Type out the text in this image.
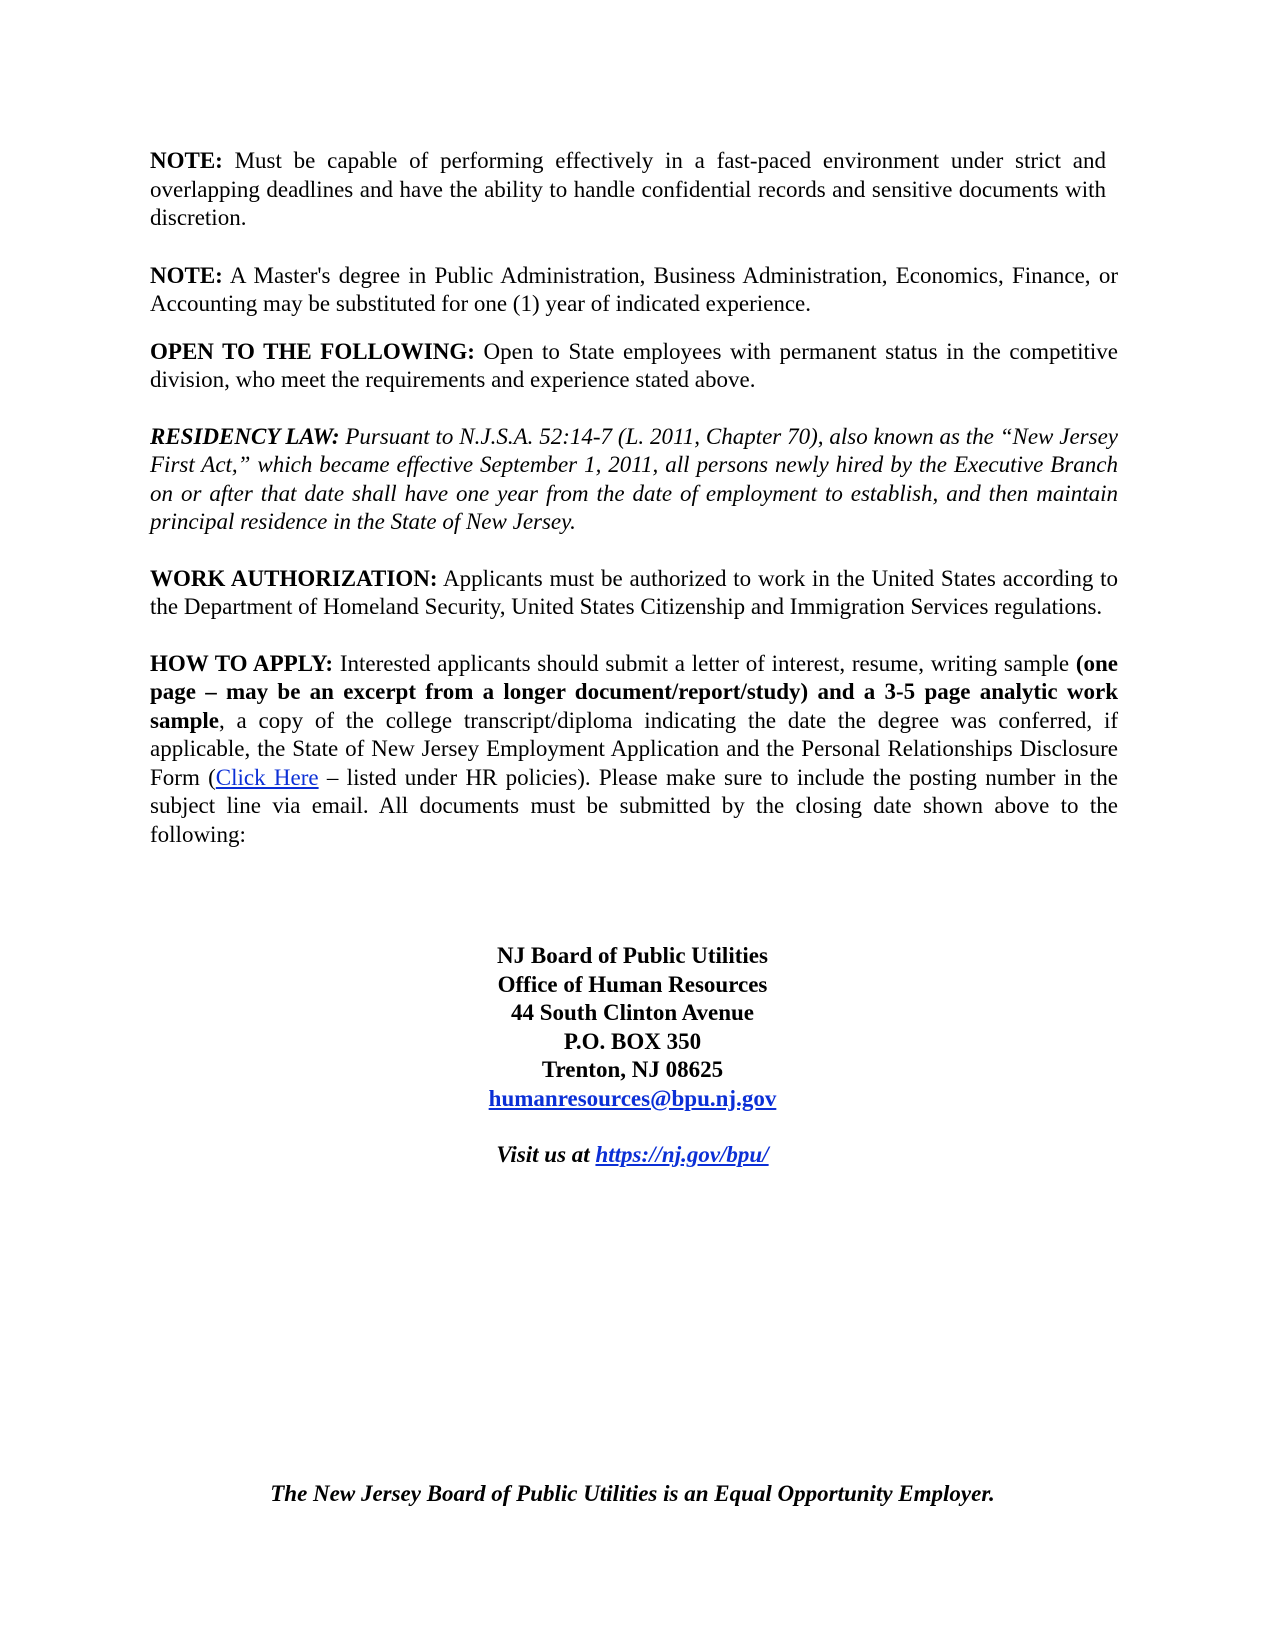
NOTE: Must be capable of performing effectively in a fast-paced environment under strict and overlapping deadlines and have the ability to handle confidential records and sensitive documents with discretion.

NOTE: A Master's degree in Public Administration, Business Administration, Economics, Finance, or Accounting may be substituted for one (1) year of indicated experience.

OPEN TO THE FOLLOWING: Open to State employees with permanent status in the competitive division, who meet the requirements and experience stated above.

RESIDENCY LAW: Pursuant to N.J.S.A. 52:14-7 (L. 2011, Chapter 70), also known as the “New Jersey First Act,” which became effective September 1, 2011, all persons newly hired by the Executive Branch on or after that date shall have one year from the date of employment to establish, and then maintain principal residence in the State of New Jersey.

WORK AUTHORIZATION: Applicants must be authorized to work in the United States according to the Department of Homeland Security, United States Citizenship and Immigration Services regulations.

HOW TO APPLY: Interested applicants should submit a letter of interest, resume, writing sample (one page – may be an excerpt from a longer document/report/study) and a 3-5 page analytic work sample, a copy of the college transcript/diploma indicating the date the degree was conferred, if applicable, the State of New Jersey Employment Application and the Personal Relationships Disclosure Form (Click Here – listed under HR policies). Please make sure to include the posting number in the subject line via email. All documents must be submitted by the closing date shown above to the following:

NJ Board of Public Utilities
Office of Human Resources
44 South Clinton Avenue
P.O. BOX 350
Trenton, NJ 08625
humanresources@bpu.nj.gov
Visit us at https://nj.gov/bpu/
The New Jersey Board of Public Utilities is an Equal Opportunity Employer.
